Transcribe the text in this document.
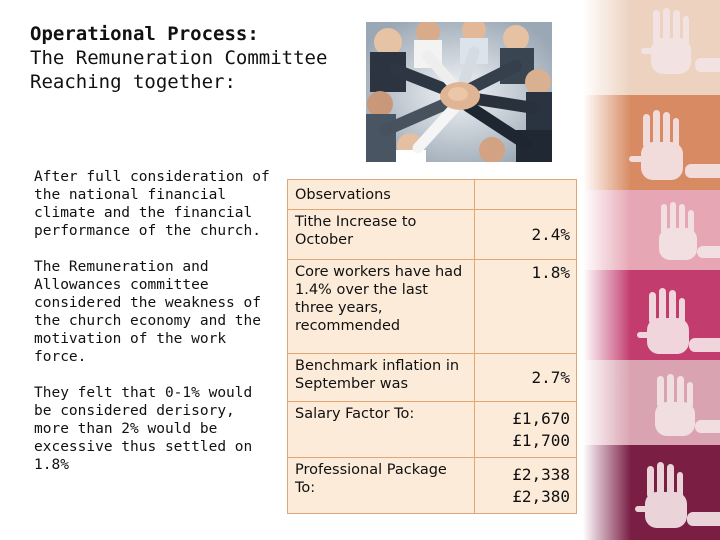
Operational Process:
The Remuneration Committee
Reaching together:

After full consideration of the national financial climate and the financial performance of the church.

The Remuneration and Allowances committee considered the weakness of the church economy and the motivation of the work force.

They felt that 0-1% would be considered derisory, more than 2% would be excessive thus settled on 1.8%

Observations	
Tithe Increase to October	2.4%
Core workers have had 1.4% over the last three years, recommended	1.8%
Benchmark inflation in September was	2.7%
Salary Factor To:	£1,670
£1,700

Professional Package To:	£2,338
£2,380
